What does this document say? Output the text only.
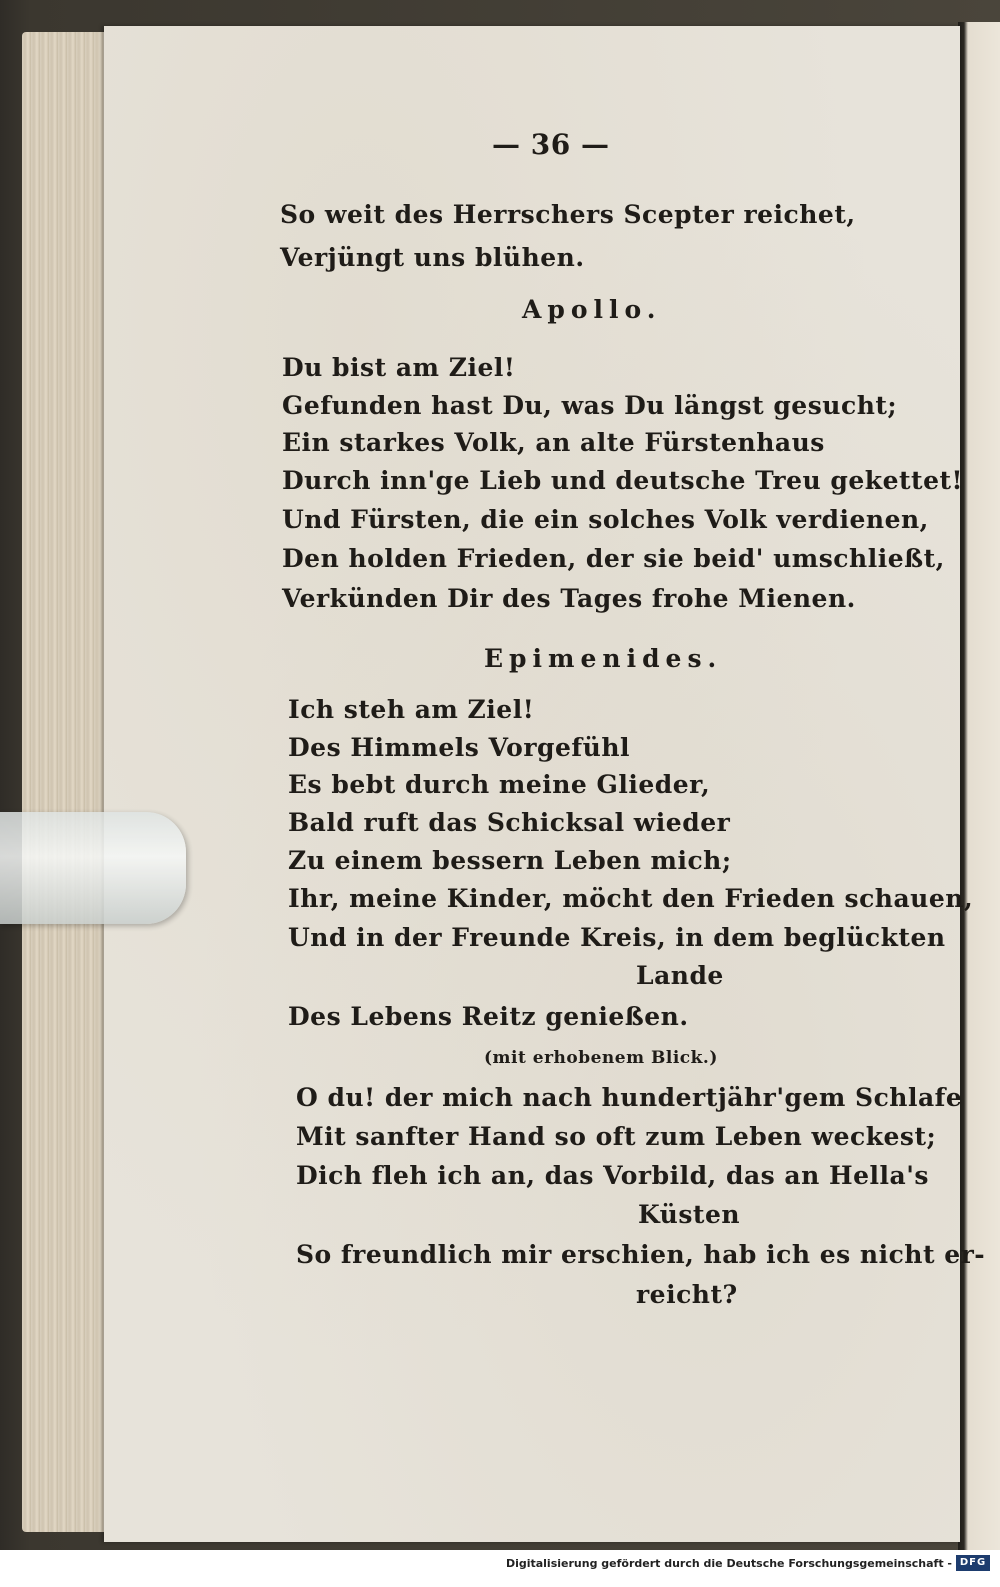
— 36 —
So weit des Herrschers Scepter reichet,
Verjüngt uns blühen.
Apollo.
Du bist am Ziel!
Gefunden hast Du, was Du längst gesucht;
Ein starkes Volk, an alte Fürstenhaus
Durch inn'ge Lieb und deutsche Treu gekettet!
Und Fürsten, die ein solches Volk verdienen,
Den holden Frieden, der sie beid' umschließt,
Verkünden Dir des Tages frohe Mienen.
Epimenides.
Ich steh am Ziel!
Des Himmels Vorgefühl
Es bebt durch meine Glieder,
Bald ruft das Schicksal wieder
Zu einem bessern Leben mich;
Ihr, meine Kinder, möcht den Frieden schauen,
Und in der Freunde Kreis, in dem beglückten
Lande
Des Lebens Reitz genießen.
(mit erhobenem Blick.)
O du! der mich nach hundertjähr'gem Schlafe
Mit sanfter Hand so oft zum Leben weckest;
Dich fleh ich an, das Vorbild, das an Hella's
Küsten
So freundlich mir erschien, hab ich es nicht er-
reicht?
Digitalisierung gefördert durch die Deutsche Forschungsgemeinschaft - DFG
